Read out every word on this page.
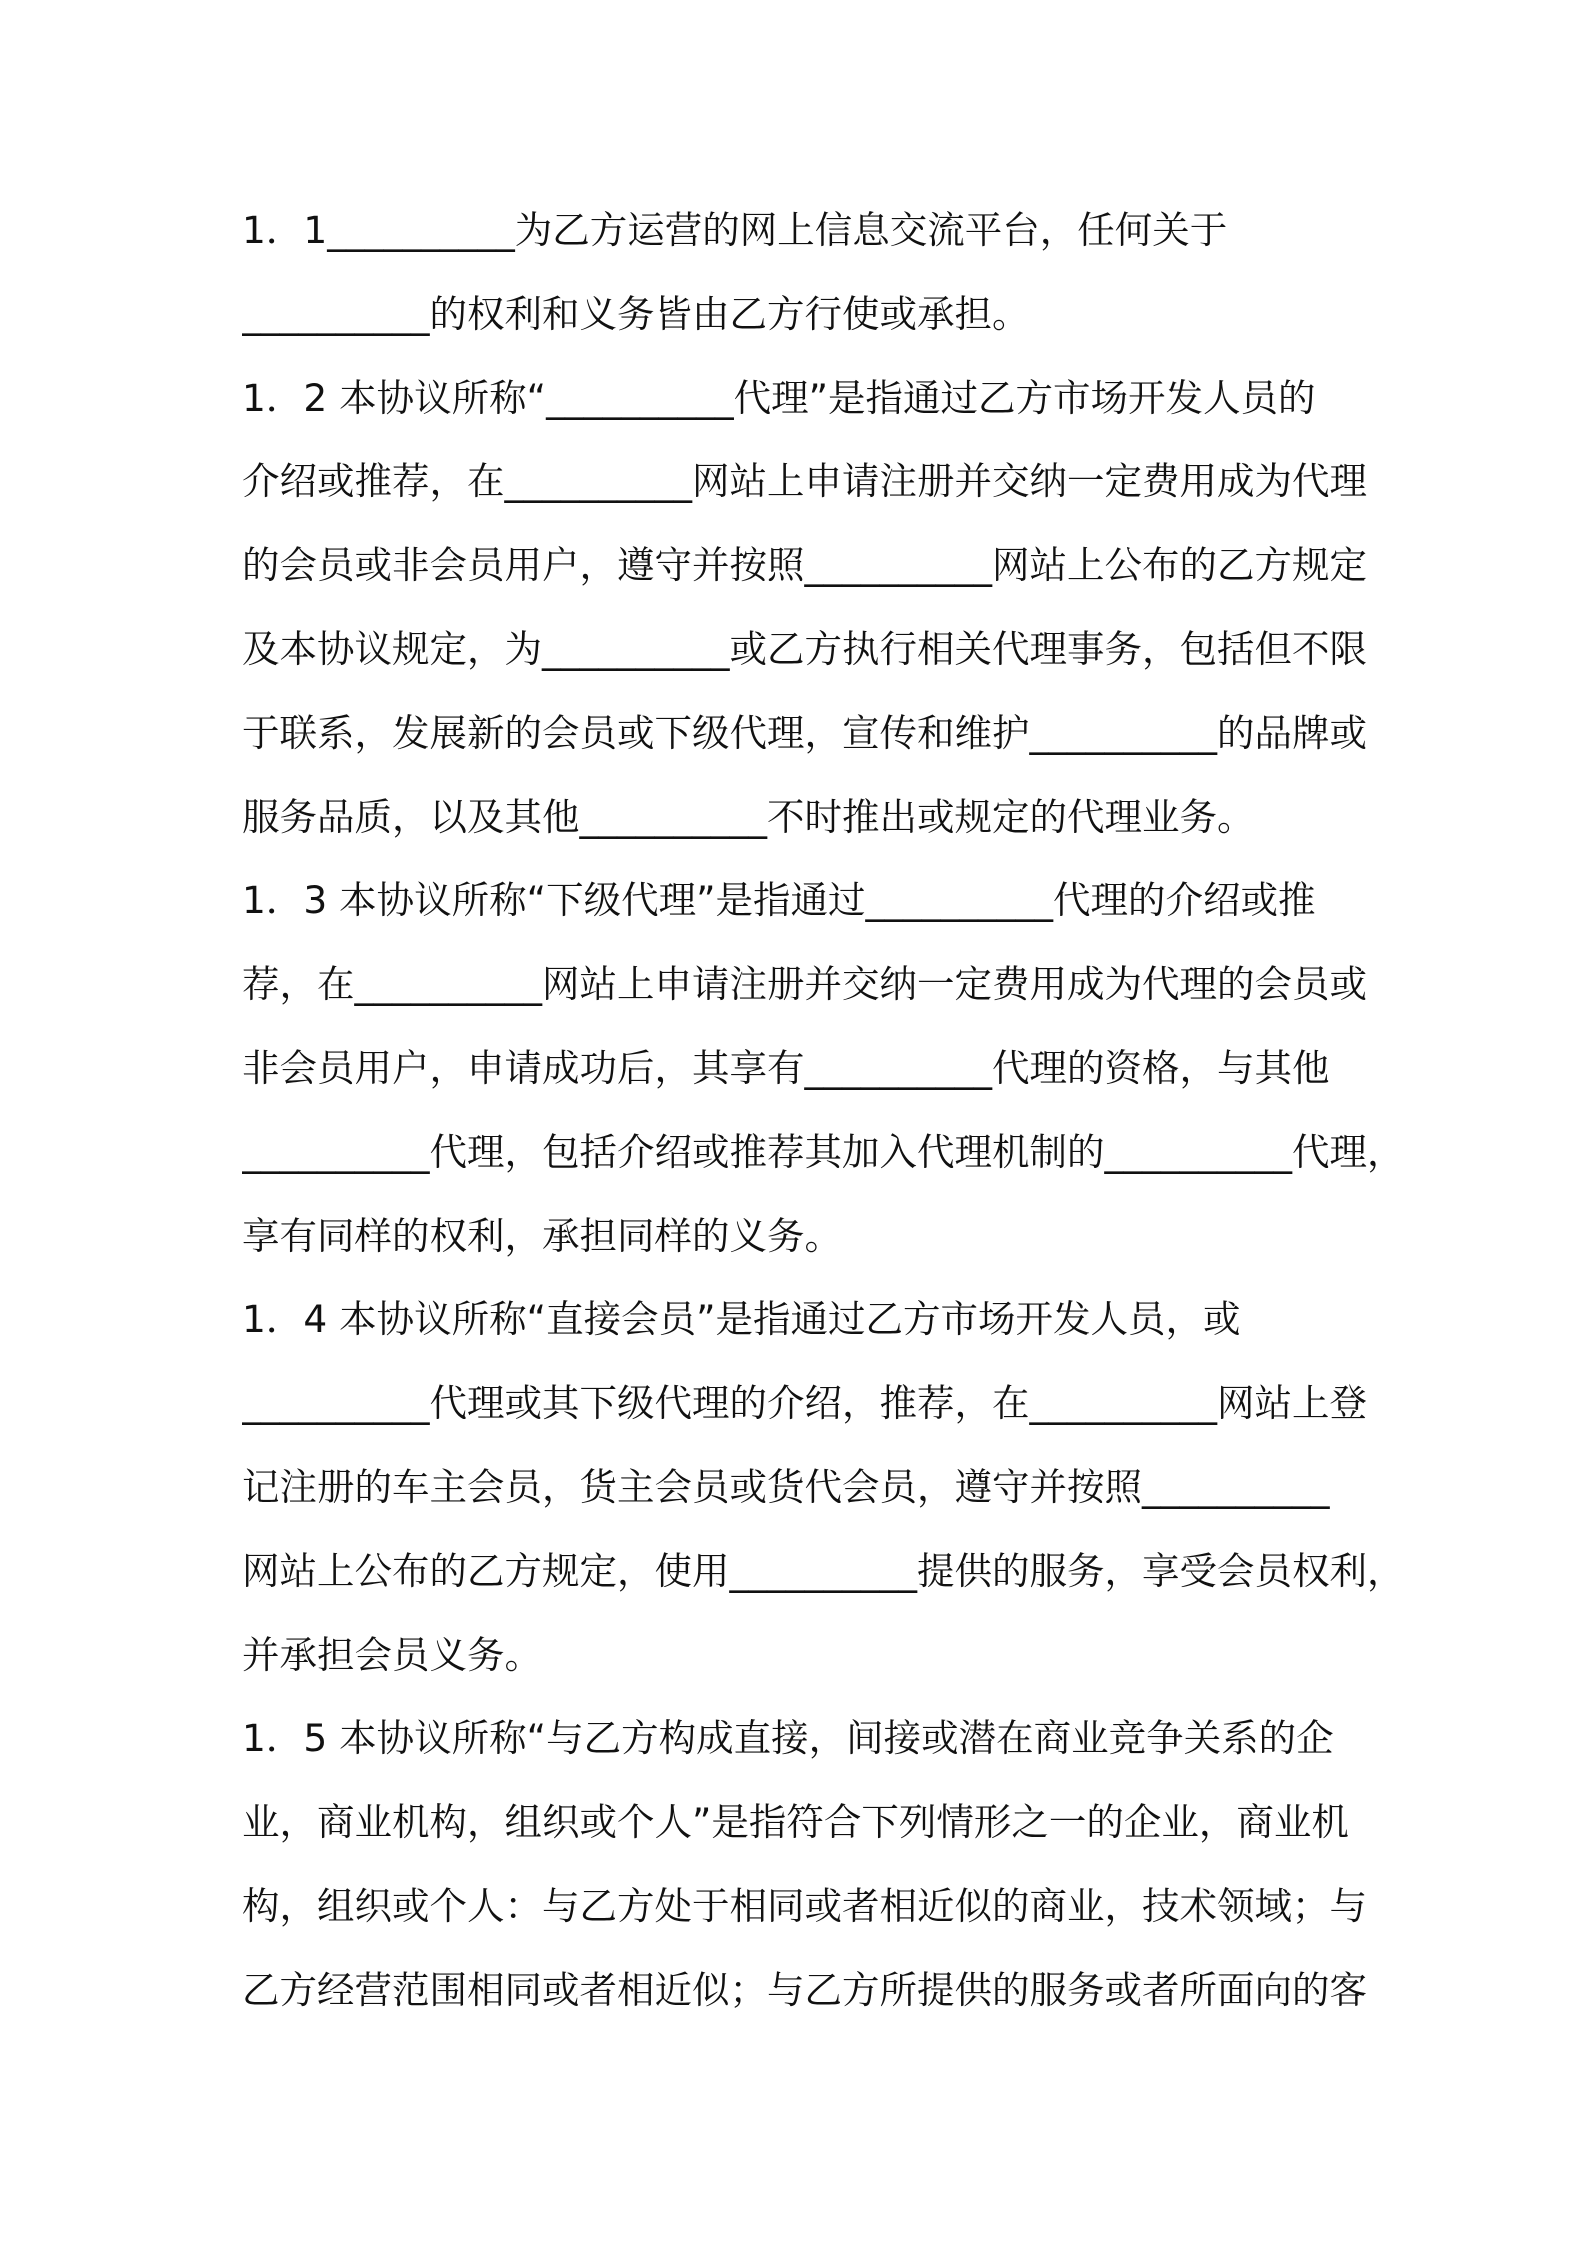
1．1__________为乙方运营的网上信息交流平台，任何关于
__________的权利和义务皆由乙方行使或承担。
1．2 本协议所称“__________代理”是指通过乙方市场开发人员的
介绍或推荐，在__________网站上申请注册并交纳一定费用成为代理
的会员或非会员用户，遵守并按照__________网站上公布的乙方规定
及本协议规定，为__________或乙方执行相关代理事务，包括但不限
于联系，发展新的会员或下级代理，宣传和维护__________的品牌或
服务品质，以及其他__________不时推出或规定的代理业务。
1．3 本协议所称“下级代理”是指通过__________代理的介绍或推
荐，在__________网站上申请注册并交纳一定费用成为代理的会员或
非会员用户，申请成功后，其享有__________代理的资格，与其他
__________代理，包括介绍或推荐其加入代理机制的__________代理，
享有同样的权利，承担同样的义务。
1．4 本协议所称“直接会员”是指通过乙方市场开发人员，或
__________代理或其下级代理的介绍，推荐，在__________网站上登
记注册的车主会员，货主会员或货代会员，遵守并按照__________
网站上公布的乙方规定，使用__________提供的服务，享受会员权利，
并承担会员义务。
1．5 本协议所称“与乙方构成直接，间接或潜在商业竞争关系的企
业，商业机构，组织或个人”是指符合下列情形之一的企业，商业机
构，组织或个人：与乙方处于相同或者相近似的商业，技术领域；与
乙方经营范围相同或者相近似；与乙方所提供的服务或者所面向的客
